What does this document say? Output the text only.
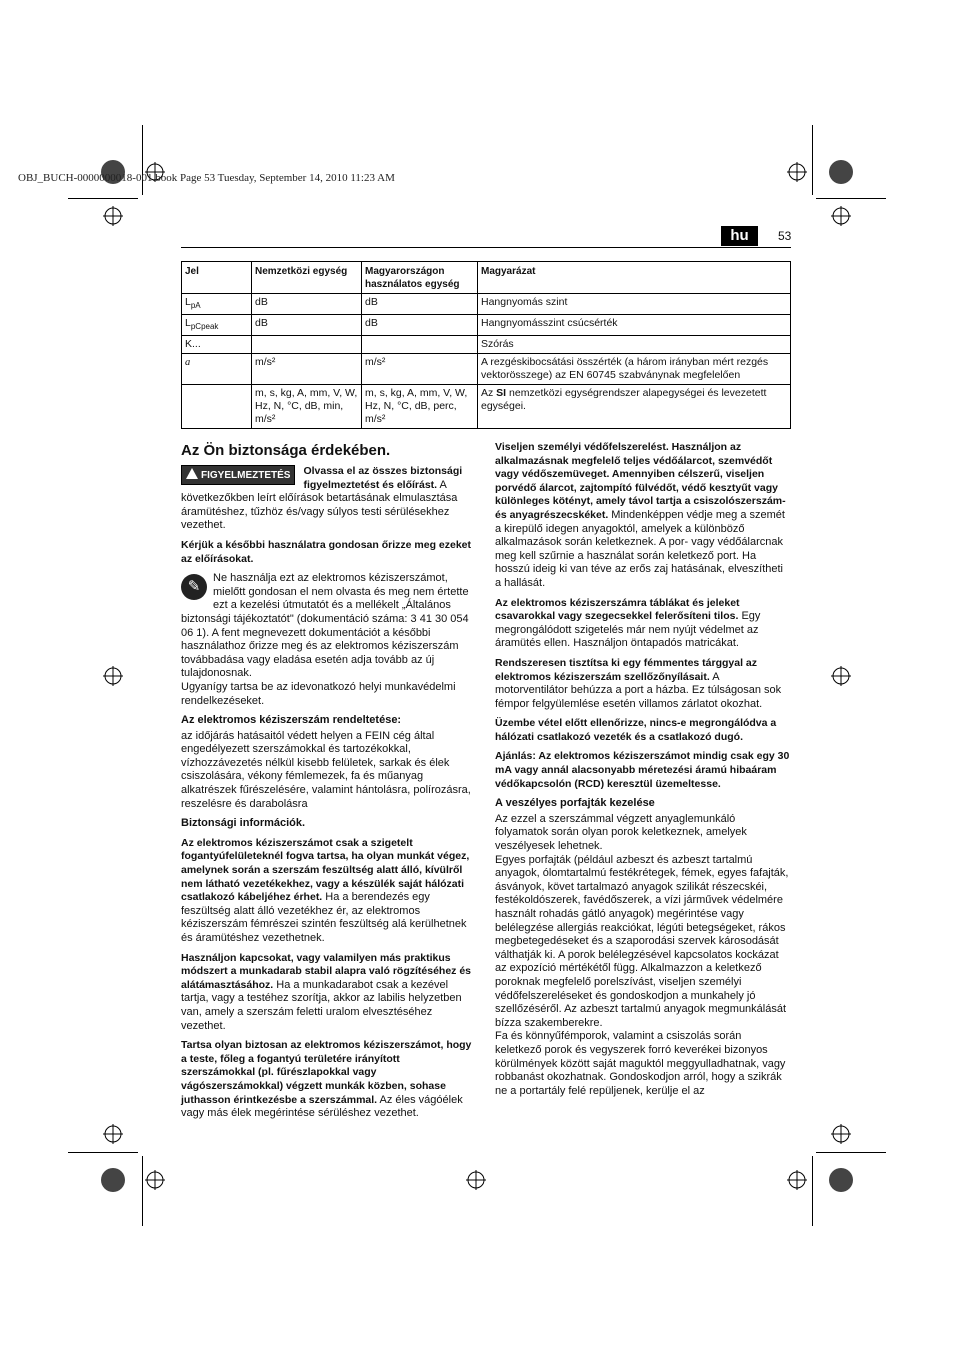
OBJ_BUCH-0000000018-001.book Page 53 Tuesday, September 14, 2010 11:23 AM
hu	53
Jel	Nemzetközi egység	Magyarországon használatos egység	Magyarázat
$L_{pA}$	dB	dB	Hangnyomás szint
$L_{pCpeak}$	dB	dB	Hangnyomásszint csúcsérték
K...			Szórás
a	m/s²	m/s²	A rezgéskibocsátási összérték (a három irányban mért rezgés vektorösszege) az EN 60745 szabványnak megfelelően
	m, s, kg, A, mm, V, W, Hz, N, °C, dB, min, m/s²	m, s, kg, A, mm, V, W, Hz, N, °C, dB, perc, m/s²	Az SI nemzetközi egységrendszer alapegységei és levezetett egységei.
Az Ön biztonsága érdekében.

FIGYELMEZTETÉS	Olvassa el az összes biztonsági figyelmeztetést és előírást. A következőkben leírt előírások betartásának elmulasztása áramütéshez, tűzhöz és/vagy súlyos testi sérülésekhez vezethet.

Kérjük a későbbi használatra gondosan őrizze meg ezeket az előírásokat.

✎	Ne használja ezt az elektromos kéziszerszámot, mielőtt gondosan el nem olvasta és meg nem értette ezt a kezelési útmutatót és a mellékelt „Általános biztonsági tájékoztatót" (dokumentáció száma: 3 41 30 054 06 1). A fent megnevezett dokumentációt a későbbi használathoz őrizze meg és az elektromos kéziszerszám továbbadása vagy eladása esetén adja tovább az új tulajdonosnak.

Ugyanígy tartsa be az idevonatkozó helyi munkavédelmi rendelkezéseket.

Az elektromos kéziszerszám rendeltetése:

az időjárás hatásaitól védett helyen a FEIN cég által engedélyezett szerszámokkal és tartozékokkal, vízhozzávezetés nélkül kisebb felületek, sarkak és élek csiszolására, vékony fémlemezek, fa és műanyag alkatrészek fűrészelésére, valamint hántolásra, polírozásra, reszelésre és darabolásra

Biztonsági információk.

Az elektromos kéziszerszámot csak a szigetelt fogantyúfelületeknél fogva tartsa, ha olyan munkát végez, amelynek során a szerszám feszültség alatt álló, kívülről nem látható vezetékekhez, vagy a készülék saját hálózati csatlakozó kábeljéhez érhet. Ha a berendezés egy feszültség alatt álló vezetékhez ér, az elektromos kéziszerszám fémrészei szintén feszültség alá kerülhetnek és áramütéshez vezethetnek.

Használjon kapcsokat, vagy valamilyen más praktikus módszert a munkadarab stabil alapra való rögzítéséhez és alátámasztásához. Ha a munkadarabot csak a kezével tartja, vagy a testéhez szorítja, akkor az labilis helyzetben van, amely a szerszám feletti uralom elvesztéséhez vezethet.

Tartsa olyan biztosan az elektromos kéziszerszámot, hogy a teste, főleg a fogantyú területére irányított szerszámokkal (pl. fűrészlapokkal vagy vágószerszámokkal) végzett munkák közben, sohase juthasson érintkezésbe a szerszámmal. Az éles vágóélek vagy más élek megérintése sérüléshez vezethet.

Viseljen személyi védőfelszerelést. Használjon az alkalmazásnak megfelelő teljes védőálarcot, szemvédőt vagy védőszemüveget. Amennyiben célszerű, viseljen porvédő álarcot, zajtompító fülvédőt, védő kesztyűt vagy különleges kötényt, amely távol tartja a csiszolószerszám- és anyagrészecskéket. Mindenképpen védje meg a szemét a kirepülő idegen anyagoktól, amelyek a különböző alkalmazások során keletkeznek. A por- vagy védőálarcnak meg kell szűrnie a használat során keletkező port. Ha hosszú ideig ki van téve az erős zaj hatásának, elveszítheti a hallását.

Az elektromos kéziszerszámra táblákat és jeleket csavarokkal vagy szegecsekkel felerősíteni tilos. Egy megrongálódott szigetelés már nem nyújt védelmet az áramütés ellen. Használjon öntapadós matricákat.

Rendszeresen tisztítsa ki egy fémmentes tárggyal az elektromos kéziszerszám szellőzőnyílásait. A motorventilátor behúzza a port a házba. Ez túlságosan sok fémpor felgyülemlése esetén villamos zárlatot okozhat.

Üzembe vétel előtt ellenőrizze, nincs-e megrongálódva a hálózati csatlakozó vezeték és a csatlakozó dugó.

Ajánlás: Az elektromos kéziszerszámot mindig csak egy 30 mA vagy annál alacsonyabb méretezési áramú hibaáram védőkapcsolón (RCD) keresztül üzemeltesse.

A veszélyes porfajták kezelése

Az ezzel a szerszámmal végzett anyaglemunkáló folyamatok során olyan porok keletkeznek, amelyek veszélyesek lehetnek.

Egyes porfajták (például azbeszt és azbeszt tartalmú anyagok, ólomtartalmú festékrétegek, fémek, egyes fafajták, ásványok, követ tartalmazó anyagok szilikát részecskéi, festékoldószerek, favédőszerek, a vízi járművek védelmére használt rohadás gátló anyagok) megérintése vagy belélegzése allergiás reakciókat, légúti betegségeket, rákos megbetegedéseket és a szaporodási szervek károsodását válthatják ki. A porok belélegzésével kapcsolatos kockázat az expozíció mértékétől függ. Alkalmazzon a keletkező poroknak megfelelő porelszívást, viseljen személyi védőfelszereléseket és gondoskodjon a munkahely jó szellőzéséről. Az azbeszt tartalmú anyagok megmunkálását bízza szakemberekre.

Fa és könnyűfémporok, valamint a csiszolás során keletkező porok és vegyszerek forró keverékei bizonyos körülmények között saját maguktól meggyulladhatnak, vagy robbanást okozhatnak. Gondoskodjon arról, hogy a szikrák ne a portartály felé repüljenek, kerülje el az
